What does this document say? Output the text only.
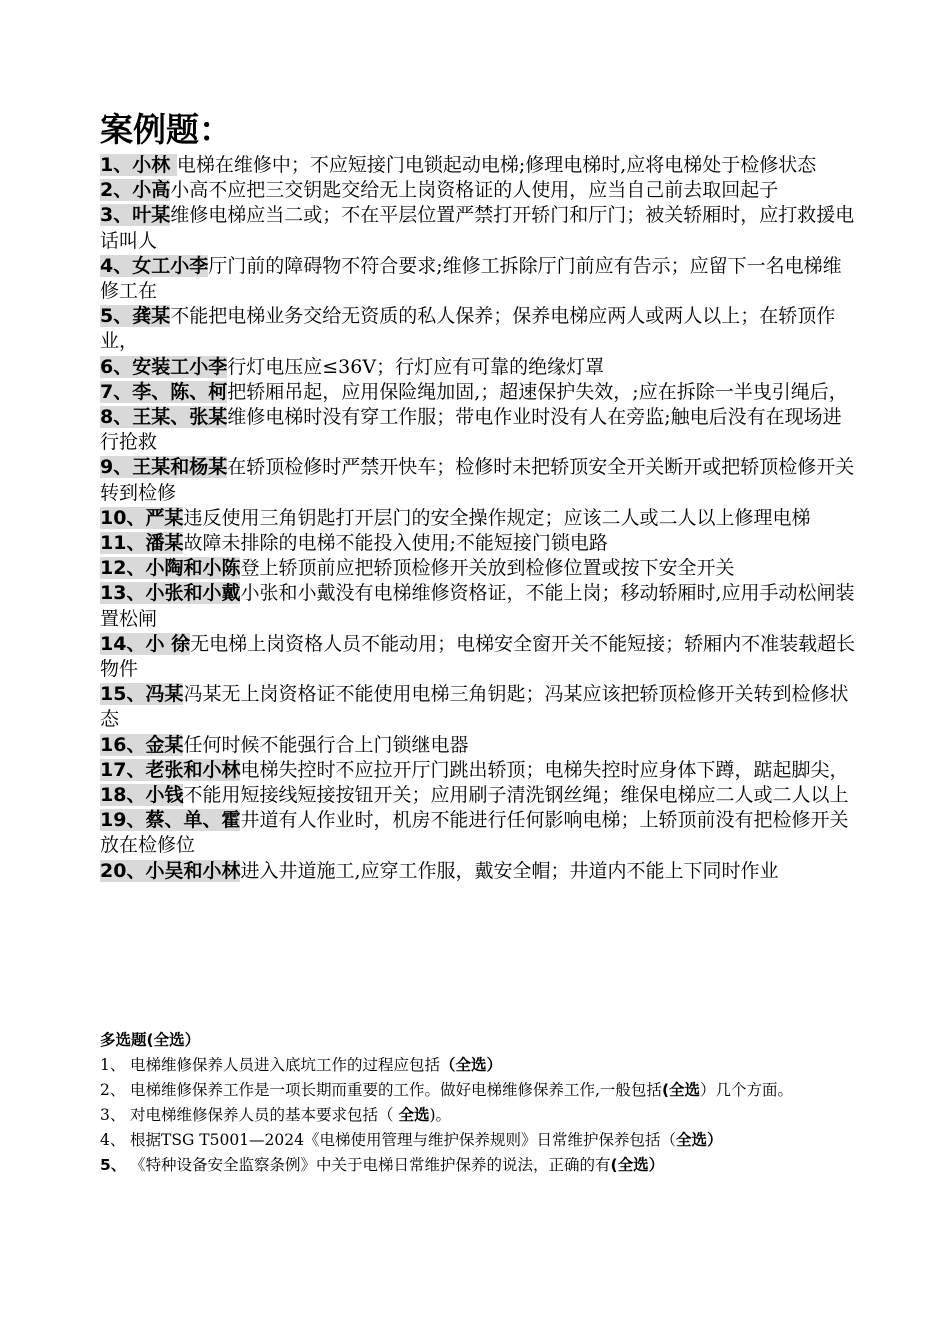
案例题：
1、小林 电梯在维修中；不应短接门电锁起动电梯;修理电梯时,应将电梯处于检修状态
2、小高小高不应把三交钥匙交给无上岗资格证的人使用，应当自己前去取回起子
3、叶某维修电梯应当二或；不在平层位置严禁打开轿门和厅门；被关轿厢时，应打救援电话叫人
4、女工小李厅门前的障碍物不符合要求;维修工拆除厅门前应有告示；应留下一名电梯维修工在
5、龚某不能把电梯业务交给无资质的私人保养；保养电梯应两人或两人以上；在轿顶作业，
6、安装工小李行灯电压应≤36V；行灯应有可靠的绝缘灯罩
7、李、陈、柯把轿厢吊起，应用保险绳加固,；超速保护失效，;应在拆除一半曳引绳后，
8、王某、张某维修电梯时没有穿工作服；带电作业时没有人在旁监;触电后没有在现场进行抢救
9、王某和杨某在轿顶检修时严禁开快车；检修时未把轿顶安全开关断开或把轿顶检修开关转到检修
10、严某违反使用三角钥匙打开层门的安全操作规定；应该二人或二人以上修理电梯
11、潘某故障未排除的电梯不能投入使用;不能短接门锁电路
12、小陶和小陈登上轿顶前应把轿顶检修开关放到检修位置或按下安全开关
13、小张和小戴小张和小戴没有电梯维修资格证，不能上岗；移动轿厢时,应用手动松闸装置松闸
14、小 徐无电梯上岗资格人员不能动用；电梯安全窗开关不能短接；轿厢内不准装载超长物件
15、冯某冯某无上岗资格证不能使用电梯三角钥匙；冯某应该把轿顶检修开关转到检修状态
16、金某任何时候不能强行合上门锁继电器
17、老张和小林电梯失控时不应拉开厅门跳出轿顶；电梯失控时应身体下蹲，踮起脚尖，
18、小钱不能用短接线短接按钮开关；应用刷子清洗钢丝绳；维保电梯应二人或二人以上
19、蔡、单、霍井道有人作业时，机房不能进行任何影响电梯；上轿顶前没有把检修开关放在检修位
20、小吴和小林进入井道施工,应穿工作服，戴安全帽；井道内不能上下同时作业

多选题(全选）

1、 电梯维修保养人员进入底坑工作的过程应包括（全选）
2、 电梯维修保养工作是一项长期而重要的工作。做好电梯维修保养工作,一般包括(全选）几个方面。
3、 对电梯维修保养人员的基本要求包括（ 全选)。
4、 根据TSG T5001—2024《电梯使用管理与维护保养规则》日常维护保养包括（全选）
5、 《特种设备安全监察条例》中关于电梯日常维护保养的说法，正确的有(全选）
